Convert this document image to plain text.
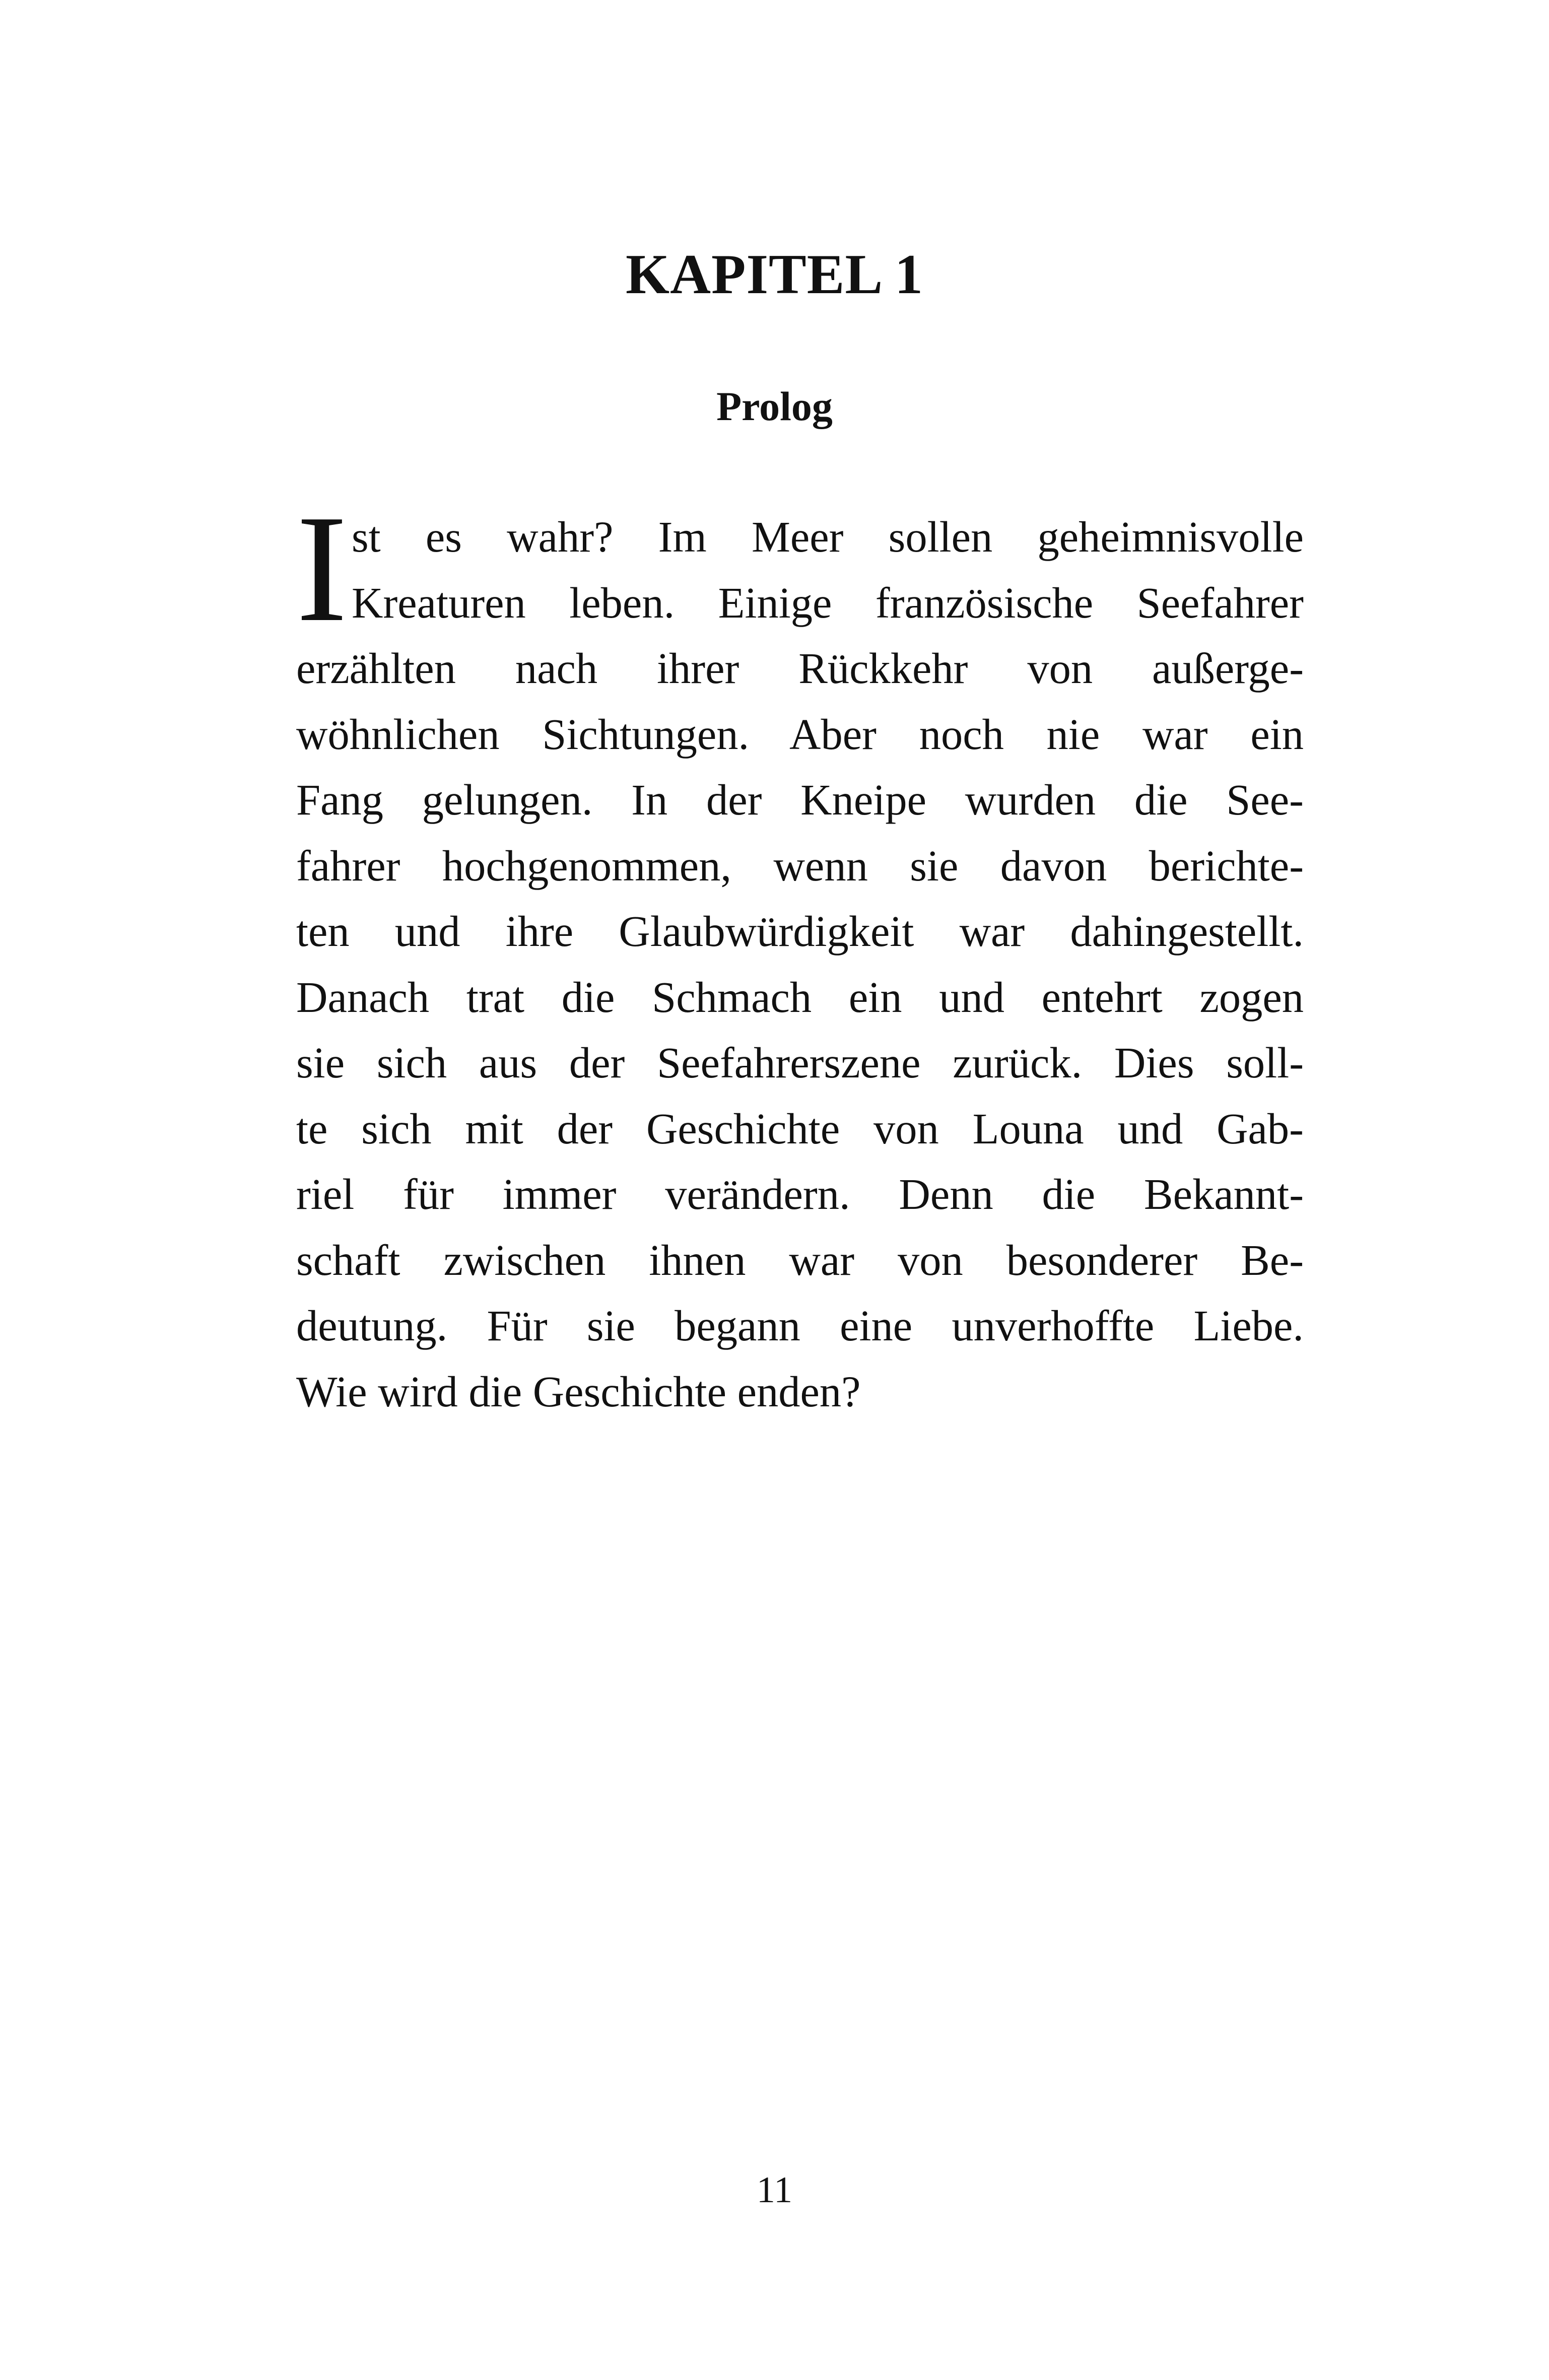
KAPITEL 1
Prolog
I st es wahr? Im Meer sollen geheimnisvolle
Kreaturen leben. Einige französische Seefahrer
erzählten nach ihrer Rückkehr von außerge-
wöhnlichen Sichtungen. Aber noch nie war ein
Fang gelungen. In der Kneipe wurden die See-
fahrer hochgenommen, wenn sie davon berichte-
ten und ihre Glaubwürdigkeit war dahingestellt.
Danach trat die Schmach ein und entehrt zogen
sie sich aus der Seefahrerszene zurück. Dies soll-
te sich mit der Geschichte von Louna und Gab-
riel für immer verändern. Denn die Bekannt-
schaft zwischen ihnen war von besonderer Be-
deutung. Für sie begann eine unverhoffte Liebe.
Wie wird die Geschichte enden?
11
